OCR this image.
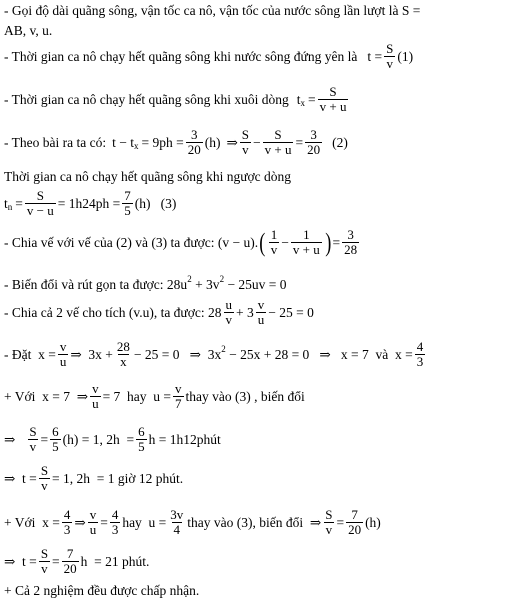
- Gọi độ dài quãng sông, vận tốc ca nô, vận tốc của nước sông lần lượt là S =
AB, v, u.
- Thời gian ca nô chạy hết quãng sông khi nước sông đứng yên là $t = \frac{S}{v} (1)$
- Thời gian ca nô chạy hết quãng sông khi xuôi dòng t $x = \frac{S}{v + u}$
- Theo bài ra ta có: t − t $x = 9ph = \frac{3}{20} (h)$ ⇒ $\frac{S}{v} - \frac{S}{v + u} = \frac{3}{20} (2)$
Thời gian ca nô chạy hết quãng sông khi ngược dòng
t $n = \frac{S}{v - u} = 1h24ph = \frac{7}{5} (h)$   (3)
- Chia vế với vế của (2) và (3) ta được: (v − u). ( $\frac{1}{v} - \frac{1}{v + u}$ ) = $\frac{3}{28}$
- Biến đổi và rút gọn ta được: 28u 2 + 3v 2 − 25uv = 0
- Chia cả 2 vế cho tích (v.u), ta được: $28 \frac{u}{v} + 3 \frac{v}{u} - 25 = 0$
- Đặt  $x = \frac{v}{u}$ ⇒  $3x + \frac{28}{x} - 25 = 0$   ⇒  3x 2 − 25x + 28 = 0   ⇒   x = 7  và  $x = \frac{4}{3}$
+ Với  x = 7  ⇒ $\frac{v}{u} = 7$  hay  $u = \frac{v}{7}$ thay vào (3) , biến đổi
⇒ $\frac{S}{v} = \frac{6}{5} (h) = 1$, $2h = \frac{6}{5}$ h = 1h12phút
⇒  $t = \frac{S}{v} = 1$, 2h  = 1 giờ 12 phút.
+ Với  $x = \frac{4}{3}$ ⇒ $\frac{v}{u} = \frac{4}{3}$ hay  $u = \frac{3v}{4}$ thay vào (3), biến đổi  ⇒ $\frac{S}{v} = \frac{7}{20} (h)$
⇒  $t = \frac{S}{v} = \frac{7}{20}$ h  = 21 phút.
+ Cả 2 nghiệm đều được chấp nhận.
